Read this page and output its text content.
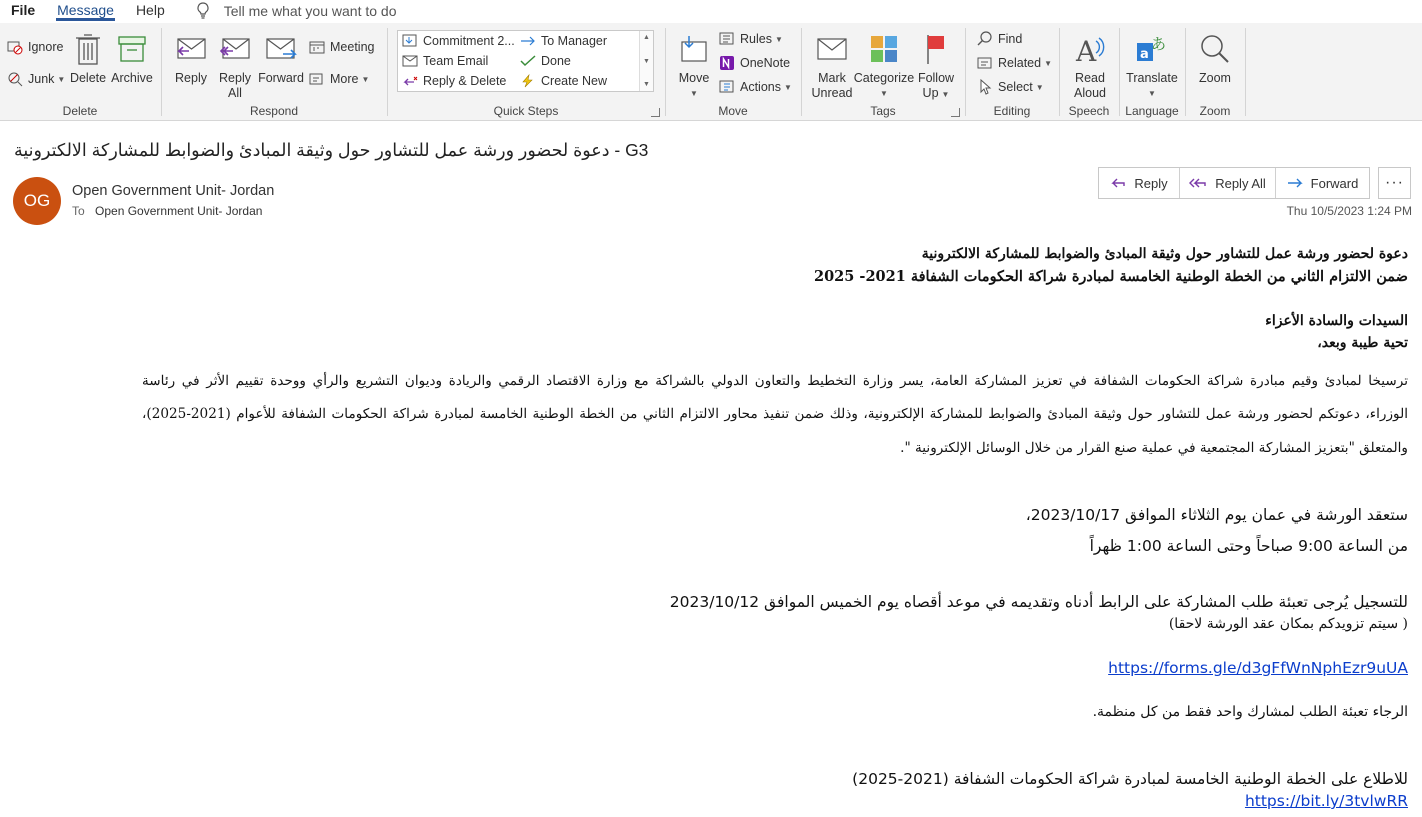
File	Message	Help	Tell me what you want to do
Ignore
Junk ▼ Delete Archive
Delete
Reply Reply
All
Forward
Meeting
More ▼
Respond	Quick Steps
Commitment 2... To Manager
Team Email	Done
Reply & Delete	Create New
▲
▼
▼ Move
▼
Rules ▼
OneNote
Actions ▼
Move
Mark
Unread
Categorize
▼
Follow
Up ▼
Tags
Find
Related ▼
Select ▼
Editing
A
Read
Aloud
Speech
a
あ
Translate
▼
Language
Zoom
Zoom
دعوة لحضور ورشة عمل للتشاور حول وثيقة المبادئ والضوابط للمشاركة الالكترونية - G3
OG	Open Government Unit- Jordan
To Open Government Unit- Jordan
Reply	Reply All	Forward	···
Thu 10/5/2023 1:24 PM
دعوة لحضور ورشة عمل للتشاور حول وثيقة المبادئ والضوابط للمشاركة الالكترونية
ضمن الالتزام الثاني من الخطة الوطنية الخامسة لمبادرة شراكة الحكومات الشفافة 2021- 2025
السيدات والسادة الأعزاء
تحية طيبة وبعد،
ترسيخا لمبادئ وقيم مبادرة شراكة الحكومات الشفافة في تعزيز المشاركة العامة، يسر وزارة التخطيط والتعاون الدولي بالشراكة مع وزارة الاقتصاد الرقمي والريادة وديوان التشريع والرأي ووحدة تقييم الأثر في رئاسة
الوزراء، دعوتكم لحضور ورشة عمل للتشاور حول وثيقة المبادئ والضوابط للمشاركة الإلكترونية، وذلك ضمن تنفيذ محاور الالتزام الثاني من الخطة الوطنية الخامسة لمبادرة شراكة الحكومات الشفافة للأعوام (2021-2025)،
والمتعلق "بتعزيز المشاركة المجتمعية في عملية صنع القرار من خلال الوسائل الإلكترونية ".
ستعقد الورشة في عمان يوم الثلاثاء الموافق 2023/10/17،
من الساعة 9:00 صباحاً وحتى الساعة 1:00 ظهراً
للتسجيل يُرجى تعبئة طلب المشاركة على الرابط أدناه وتقديمه في موعد أقصاه يوم الخميس الموافق 2023/10/12
( سيتم تزويدكم بمكان عقد الورشة لاحقا)
https://forms.gle/d3gFfWnNphEzr9uUA
الرجاء تعبئة الطلب لمشارك واحد فقط من كل منظمة.
للاطلاع على الخطة الوطنية الخامسة لمبادرة شراكة الحكومات الشفافة (2021-2025)
https://bit.ly/3tvlwRR
